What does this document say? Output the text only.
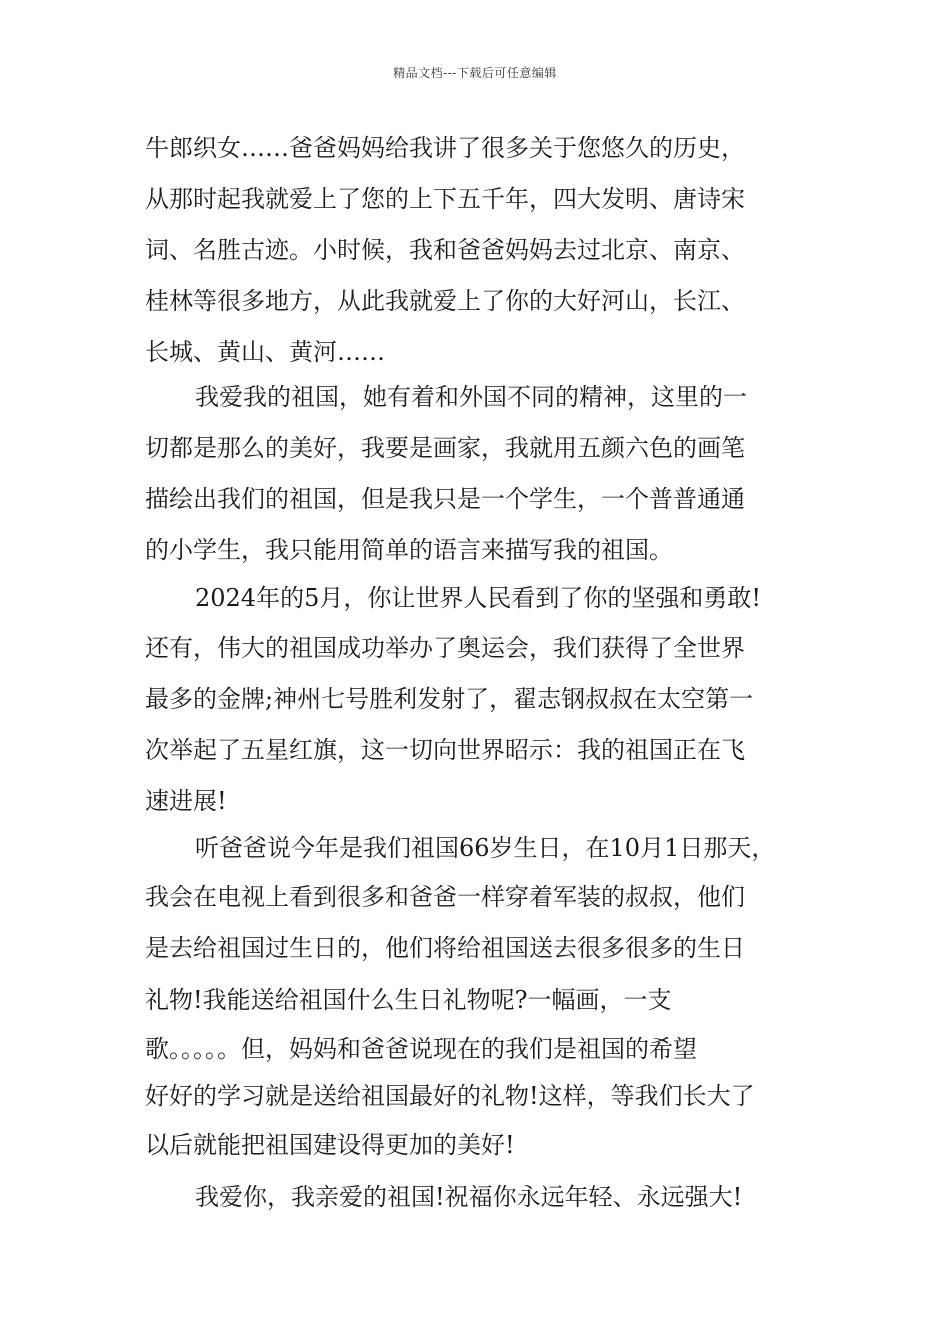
精品文档---下载后可任意编辑
牛郎织女……爸爸妈妈给我讲了很多关于您悠久的历史，
从那时起我就爱上了您的上下五千年，四大发明、唐诗宋
词、名胜古迹。小时候，我和爸爸妈妈去过北京、南京、
桂林等很多地方，从此我就爱上了你的大好河山，长江、
长城、黄山、黄河……
我爱我的祖国，她有着和外国不同的精神，这里的一
切都是那么的美好，我要是画家，我就用五颜六色的画笔
描绘出我们的祖国，但是我只是一个学生，一个普普通通
的小学生，我只能用简单的语言来描写我的祖国。
2024年的5月，你让世界人民看到了你的坚强和勇敢!
还有，伟大的祖国成功举办了奥运会，我们获得了全世界
最多的金牌;神州七号胜利发射了，翟志钢叔叔在太空第一
次举起了五星红旗，这一切向世界昭示：我的祖国正在飞
速进展!
听爸爸说今年是我们祖国66岁生日，在10月1日那天，
我会在电视上看到很多和爸爸一样穿着军装的叔叔，他们
是去给祖国过生日的，他们将给祖国送去很多很多的生日
礼物!我能送给祖国什么生日礼物呢?一幅画，一支
歌。。。。。但，妈妈和爸爸说现在的我们是祖国的希望
好好的学习就是送给祖国最好的礼物!这样，等我们长大了
以后就能把祖国建设得更加的美好!
我爱你，我亲爱的祖国!祝福你永远年轻、永远强大!
